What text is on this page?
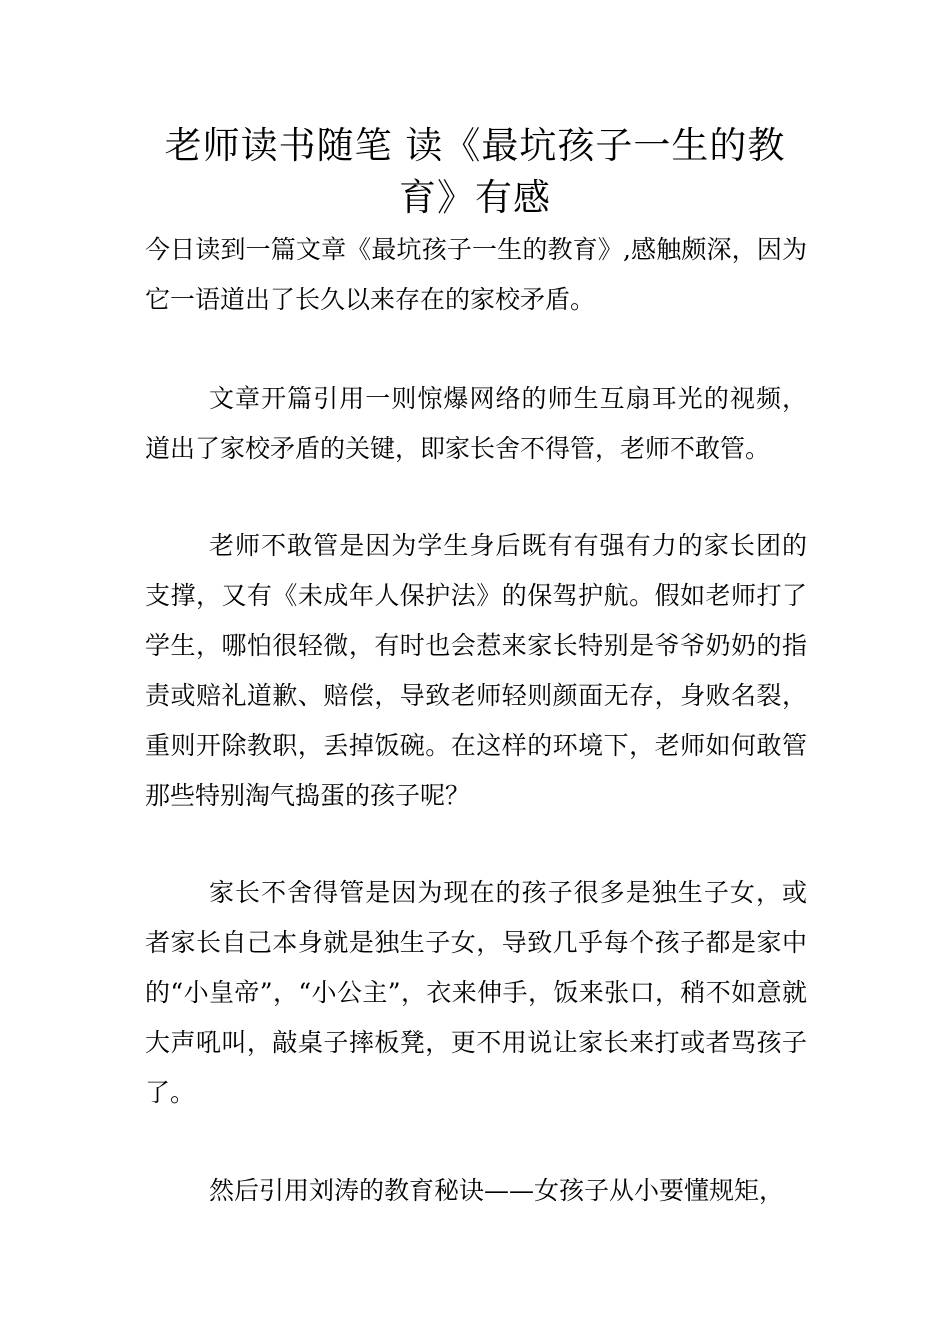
老师读书随笔 读《最坑孩子一生的教育》有感

今日读到一篇文章《最坑孩子一生的教育》,感触颇深，因为它一语道出了长久以来存在的家校矛盾。

文章开篇引用一则惊爆网络的师生互扇耳光的视频，道出了家校矛盾的关键，即家长舍不得管，老师不敢管。

老师不敢管是因为学生身后既有有强有力的家长团的支撑，又有《未成年人保护法》的保驾护航。假如老师打了学生，哪怕很轻微，有时也会惹来家长特别是爷爷奶奶的指责或赔礼道歉、赔偿，导致老师轻则颜面无存，身败名裂，重则开除教职，丢掉饭碗。在这样的环境下，老师如何敢管那些特别淘气捣蛋的孩子呢？

家长不舍得管是因为现在的孩子很多是独生子女，或者家长自己本身就是独生子女，导致几乎每个孩子都是家中的“小皇帝”，“小公主”，衣来伸手，饭来张口，稍不如意就大声吼叫，敲桌子摔板凳，更不用说让家长来打或者骂孩子了。

然后引用刘涛的教育秘诀——女孩子从小要懂规矩，
